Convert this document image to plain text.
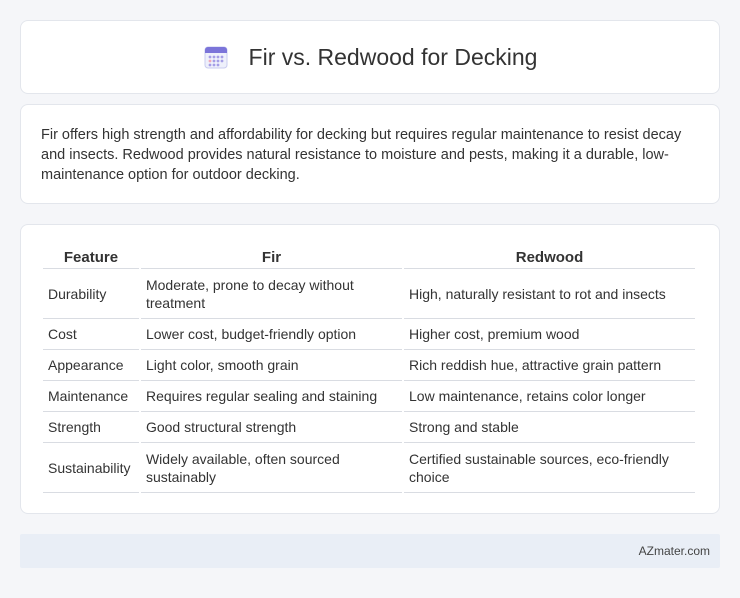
Fir vs. Redwood for Decking

Fir offers high strength and affordability for decking but requires regular maintenance to resist decay and insects. Redwood provides natural resistance to moisture and pests, making it a durable, low-maintenance option for outdoor decking.

Feature	Fir	Redwood
Durability	Moderate, prone to decay without treatment	High, naturally resistant to rot and insects
Cost	Lower cost, budget-friendly option	Higher cost, premium wood
Appearance	Light color, smooth grain	Rich reddish hue, attractive grain pattern
Maintenance	Requires regular sealing and staining	Low maintenance, retains color longer
Strength	Good structural strength	Strong and stable
Sustainability	Widely available, often sourced sustainably	Certified sustainable sources, eco-friendly choice
AZmater.com
